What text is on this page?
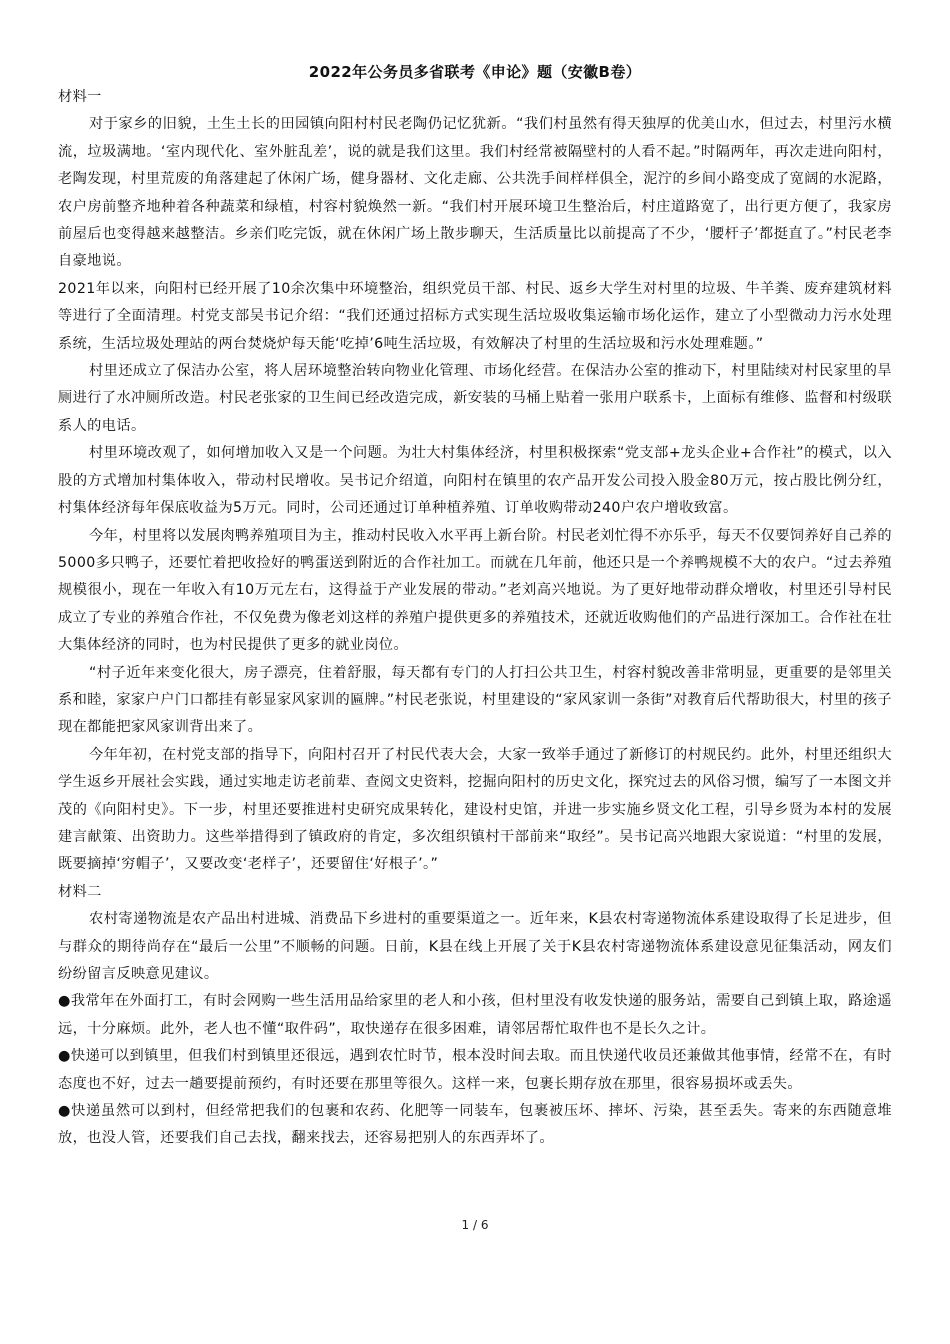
2022年公务员多省联考《申论》题（安徽B卷）

材料一

对于家乡的旧貌，土生土长的田园镇向阳村村民老陶仍记忆犹新。“我们村虽然有得天独厚的优美山水，但过去，村里污水横流，垃圾满地。‘室内现代化、室外脏乱差’，说的就是我们这里。我们村经常被隔壁村的人看不起。”时隔两年，再次走进向阳村，老陶发现，村里荒废的角落建起了休闲广场，健身器材、文化走廊、公共洗手间样样俱全，泥泞的乡间小路变成了宽阔的水泥路，农户房前整齐地种着各种蔬菜和绿植，村容村貌焕然一新。“我们村开展环境卫生整治后，村庄道路宽了，出行更方便了，我家房前屋后也变得越来越整洁。乡亲们吃完饭，就在休闲广场上散步聊天，生活质量比以前提高了不少，‘腰杆子’都挺直了。”村民老李自豪地说。

2021年以来，向阳村已经开展了10余次集中环境整治，组织党员干部、村民、返乡大学生对村里的垃圾、牛羊粪、废弃建筑材料等进行了全面清理。村党支部吴书记介绍：“我们还通过招标方式实现生活垃圾收集运输市场化运作，建立了小型微动力污水处理系统，生活垃圾处理站的两台焚烧炉每天能‘吃掉’6吨生活垃圾，有效解决了村里的生活垃圾和污水处理难题。”

村里还成立了保洁办公室，将人居环境整治转向物业化管理、市场化经营。在保洁办公室的推动下，村里陆续对村民家里的旱厕进行了水冲厕所改造。村民老张家的卫生间已经改造完成，新安装的马桶上贴着一张用户联系卡，上面标有维修、监督和村级联系人的电话。

村里环境改观了，如何增加收入又是一个问题。为壮大村集体经济，村里积极探索“党支部+龙头企业+合作社”的模式，以入股的方式增加村集体收入，带动村民增收。吴书记介绍道，向阳村在镇里的农产品开发公司投入股金80万元，按占股比例分红，村集体经济每年保底收益为5万元。同时，公司还通过订单种植养殖、订单收购带动240户农户增收致富。

今年，村里将以发展肉鸭养殖项目为主，推动村民收入水平再上新台阶。村民老刘忙得不亦乐乎，每天不仅要饲养好自己养的5000多只鸭子，还要忙着把收捡好的鸭蛋送到附近的合作社加工。而就在几年前，他还只是一个养鸭规模不大的农户。“过去养殖规模很小，现在一年收入有10万元左右，这得益于产业发展的带动。”老刘高兴地说。为了更好地带动群众增收，村里还引导村民成立了专业的养殖合作社，不仅免费为像老刘这样的养殖户提供更多的养殖技术，还就近收购他们的产品进行深加工。合作社在壮大集体经济的同时，也为村民提供了更多的就业岗位。

“村子近年来变化很大，房子漂亮，住着舒服，每天都有专门的人打扫公共卫生，村容村貌改善非常明显，更重要的是邻里关系和睦，家家户户门口都挂有彰显家风家训的匾牌。”村民老张说，村里建设的“家风家训一条街”对教育后代帮助很大，村里的孩子现在都能把家风家训背出来了。

今年年初，在村党支部的指导下，向阳村召开了村民代表大会，大家一致举手通过了新修订的村规民约。此外，村里还组织大学生返乡开展社会实践，通过实地走访老前辈、查阅文史资料，挖掘向阳村的历史文化，探究过去的风俗习惯，编写了一本图文并茂的《向阳村史》。下一步，村里还要推进村史研究成果转化，建设村史馆，并进一步实施乡贤文化工程，引导乡贤为本村的发展建言献策、出资助力。这些举措得到了镇政府的肯定，多次组织镇村干部前来“取经”。吴书记高兴地跟大家说道：“村里的发展，既要摘掉‘穷帽子’，又要改变‘老样子’，还要留住‘好根子’。”

材料二

农村寄递物流是农产品出村进城、消费品下乡进村的重要渠道之一。近年来，K县农村寄递物流体系建设取得了长足进步，但与群众的期待尚存在“最后一公里”不顺畅的问题。日前，K县在线上开展了关于K县农村寄递物流体系建设意见征集活动，网友们纷纷留言反映意见建议。

●我常年在外面打工，有时会网购一些生活用品给家里的老人和小孩，但村里没有收发快递的服务站，需要自己到镇上取，路途遥远，十分麻烦。此外，老人也不懂“取件码”，取快递存在很多困难，请邻居帮忙取件也不是长久之计。

●快递可以到镇里，但我们村到镇里还很远，遇到农忙时节，根本没时间去取。而且快递代收员还兼做其他事情，经常不在，有时态度也不好，过去一趟要提前预约，有时还要在那里等很久。这样一来，包裹长期存放在那里，很容易损坏或丢失。

●快递虽然可以到村，但经常把我们的包裹和农药、化肥等一同装车，包裹被压坏、摔坏、污染，甚至丢失。寄来的东西随意堆放，也没人管，还要我们自己去找，翻来找去，还容易把别人的东西弄坏了。

1 / 6
